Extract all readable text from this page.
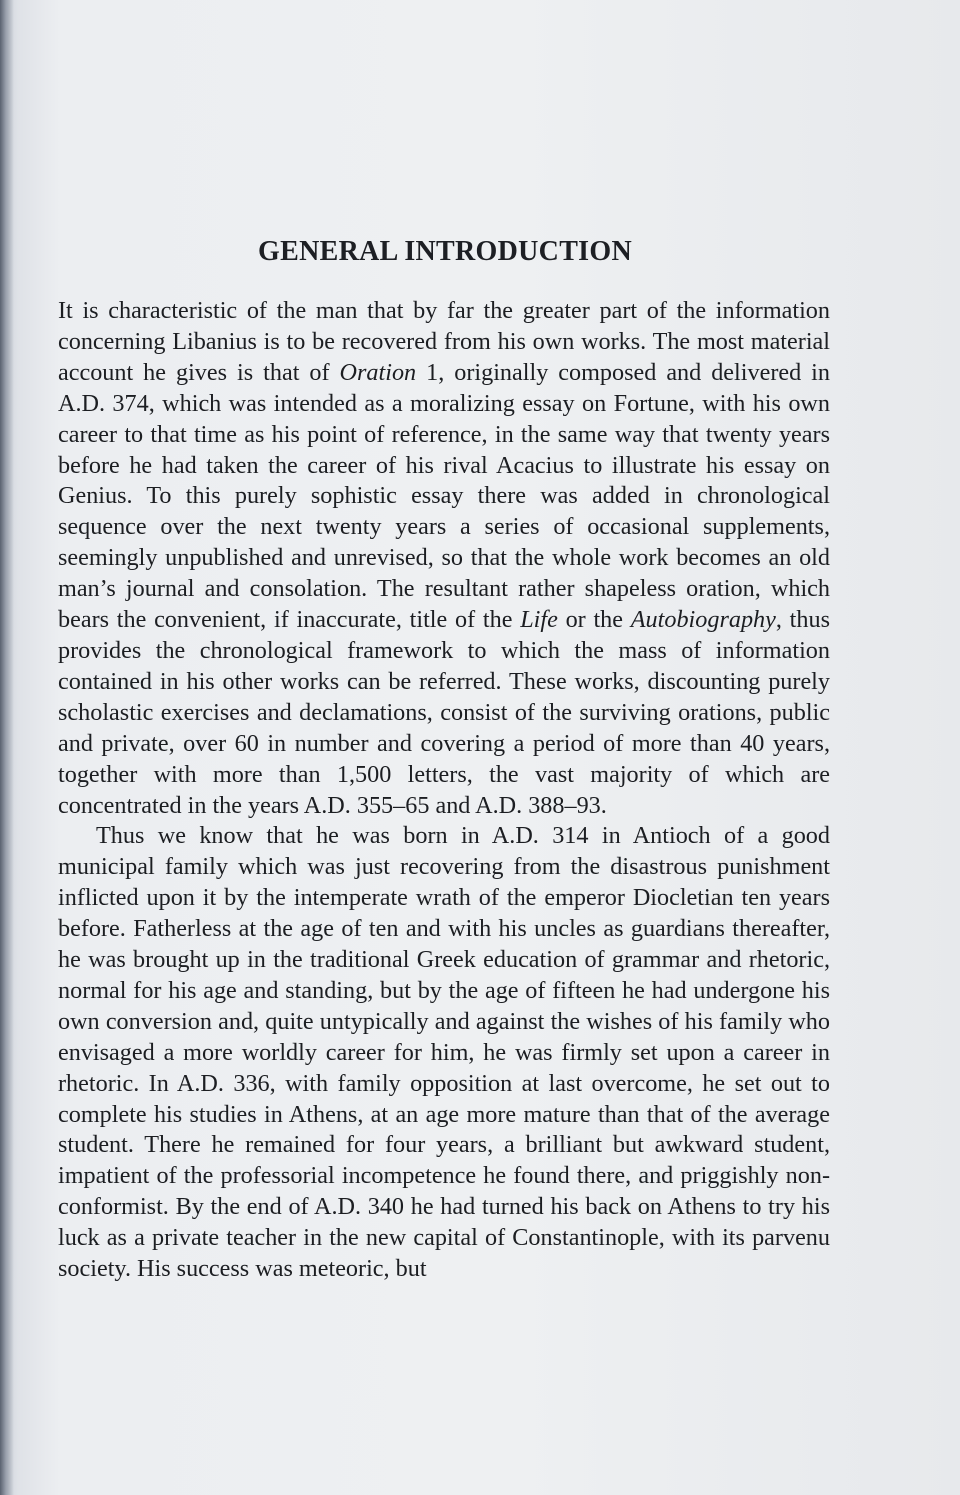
GENERAL INTRODUCTION

It is characteristic of the man that by far the greater part of the information concerning Libanius is to be recovered from his own works. The most material account he gives is that of Oration 1, originally composed and delivered in A.D. 374, which was intended as a moralizing essay on Fortune, with his own career to that time as his point of reference, in the same way that twenty years before he had taken the career of his rival Acacius to illustrate his essay on Genius. To this purely sophistic essay there was added in chronological sequence over the next twenty years a series of occasional supplements, seemingly unpublished and unrevised, so that the whole work becomes an old man’s journal and consolation. The resultant rather shapeless oration, which bears the convenient, if inaccurate, title of the Life or the Autobiography, thus provides the chronological framework to which the mass of information contained in his other works can be referred. These works, discounting purely scholastic exercises and declamations, consist of the surviving orations, public and private, over 60 in number and covering a period of more than 40 years, together with more than 1,500 letters, the vast majority of which are concentrated in the years A.D. 355–65 and A.D. 388–93.

Thus we know that he was born in A.D. 314 in Antioch of a good municipal family which was just recovering from the disastrous punishment inflicted upon it by the intemperate wrath of the emperor Diocletian ten years before. Fatherless at the age of ten and with his uncles as guardians thereafter, he was brought up in the traditional Greek education of grammar and rhetoric, normal for his age and standing, but by the age of fifteen he had undergone his own conversion and, quite untypically and against the wishes of his family who envisaged a more worldly career for him, he was firmly set upon a career in rhetoric. In A.D. 336, with family opposition at last overcome, he set out to complete his studies in Athens, at an age more mature than that of the average student. There he remained for four years, a brilliant but awkward student, impatient of the professorial incompetence he found there, and priggishly non-conformist. By the end of A.D. 340 he had turned his back on Athens to try his luck as a private teacher in the new capital of Constantinople, with its parvenu society. His success was meteoric, but
